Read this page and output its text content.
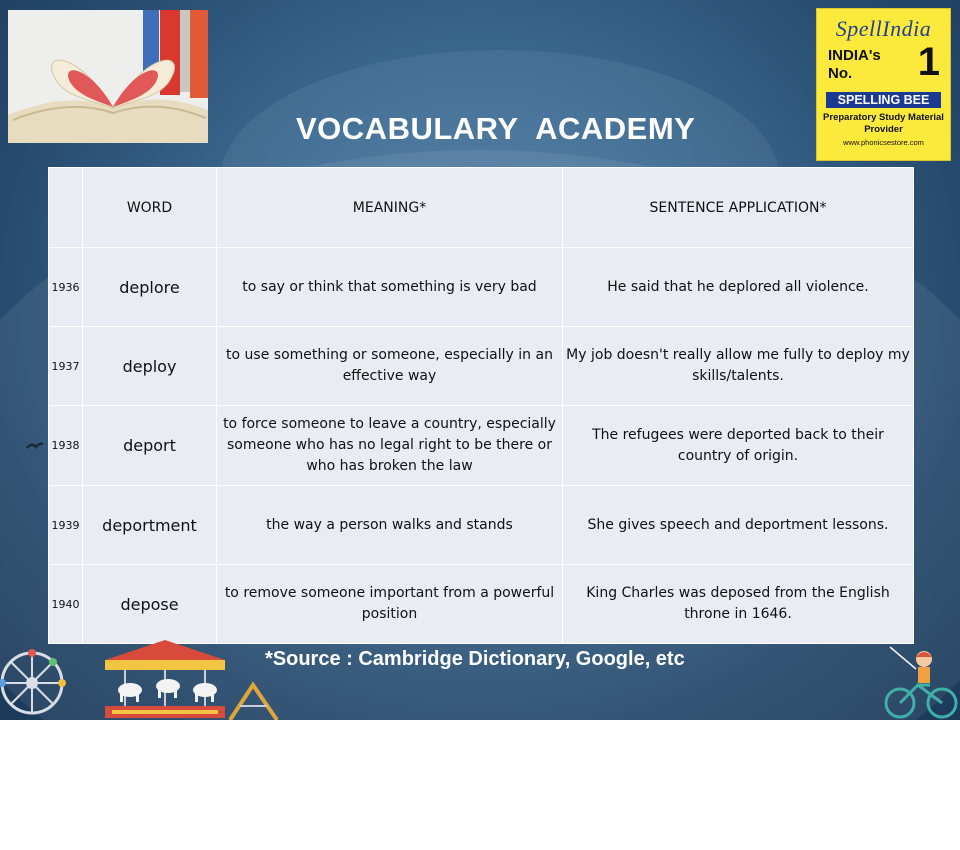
VOCABULARY  ACADEMY
SpellIndia
INDIA's
No.	1
SPELLING BEE
Preparatory Study Material
Provider
www.phonicsestore.com
	WORD	MEANING*	SENTENCE APPLICATION*
1936	deplore	to say or think that something is very bad	He said that he deplored all violence.
1937	deploy	to use something or someone, especially in an effective way	My job doesn't really allow me fully to deploy my skills/talents.
1938	deport	to force someone to leave a country, especially someone who has no legal right to be there or who has broken the law	The refugees were deported back to their country of origin.
1939	deportment	the way a person walks and stands	She gives speech and deportment lessons.
1940	depose	to remove someone important from a powerful position	King Charles was deposed from the English throne in 1646.
*Source : Cambridge Dictionary, Google, etc
